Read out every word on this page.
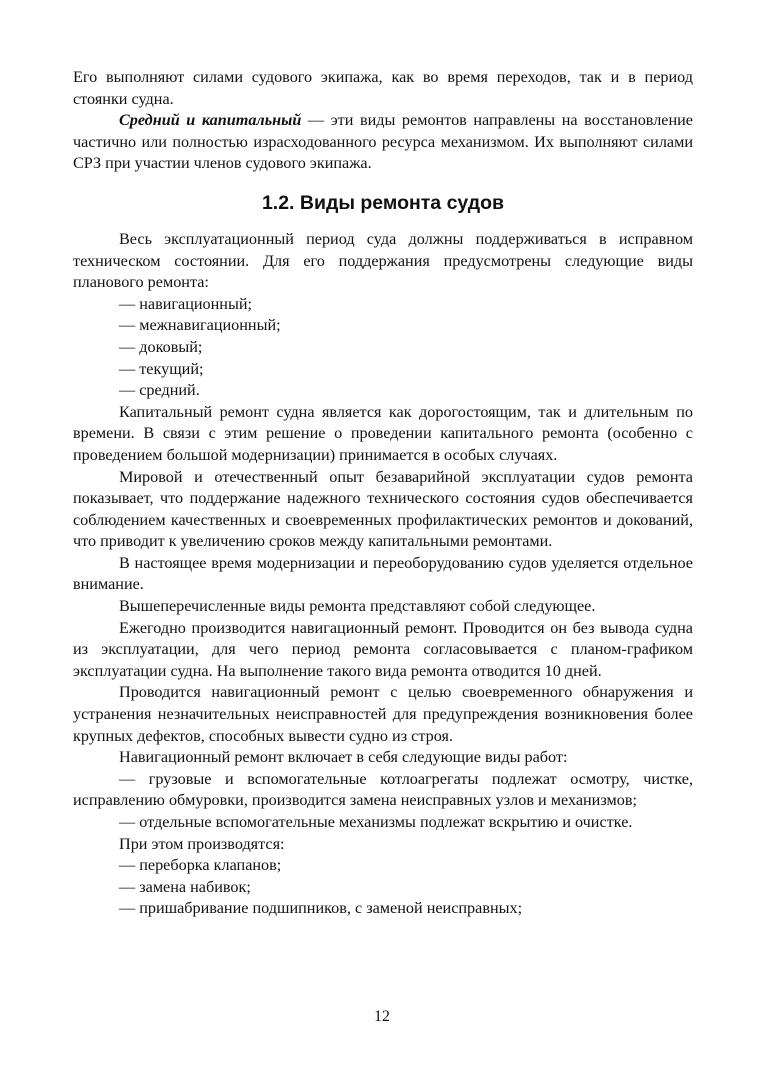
Его выполняют силами судового экипажа, как во время переходов, так и в период стоянки судна.

Средний и капитальный — эти виды ремонтов направлены на восстановление частично или полностью израсходованного ресурса механизмом. Их выполняют силами СРЗ при участии членов судового экипажа.

1.2. Виды ремонта судов

Весь эксплуатационный период суда должны поддерживаться в исправном техническом состоянии. Для его поддержания предусмотрены следующие виды планового ремонта:

— навигационный;

— межнавигационный;

— доковый;

— текущий;

— средний.

Капитальный ремонт судна является как дорогостоящим, так и длительным по времени. В связи с этим решение о проведении капитального ремонта (особенно с проведением большой модернизации) принимается в особых случаях.

Мировой и отечественный опыт безаварийной эксплуатации судов ремонта показывает, что поддержание надежного технического состояния судов обеспечивается соблюдением качественных и своевременных профилактических ремонтов и докований, что приводит к увеличению сроков между капитальными ремонтами.

В настоящее время модернизации и переоборудованию судов уделяется отдельное внимание.

Вышеперечисленные виды ремонта представляют собой следующее.

Ежегодно производится навигационный ремонт. Проводится он без вывода судна из эксплуатации, для чего период ремонта согласовывается с планом-графиком эксплуатации судна. На выполнение такого вида ремонта отводится 10 дней.

Проводится навигационный ремонт с целью своевременного обнаружения и устранения незначительных неисправностей для предупреждения возникновения более крупных дефектов, способных вывести судно из строя.

Навигационный ремонт включает в себя следующие виды работ:

— грузовые и вспомогательные котлоагрегаты подлежат осмотру, чистке, исправлению обмуровки, производится замена неисправных узлов и механизмов;

— отдельные вспомогательные механизмы подлежат вскрытию и очистке.

При этом производятся:

— переборка клапанов;

— замена набивок;

— пришабривание подшипников, с заменой неисправных;

12
